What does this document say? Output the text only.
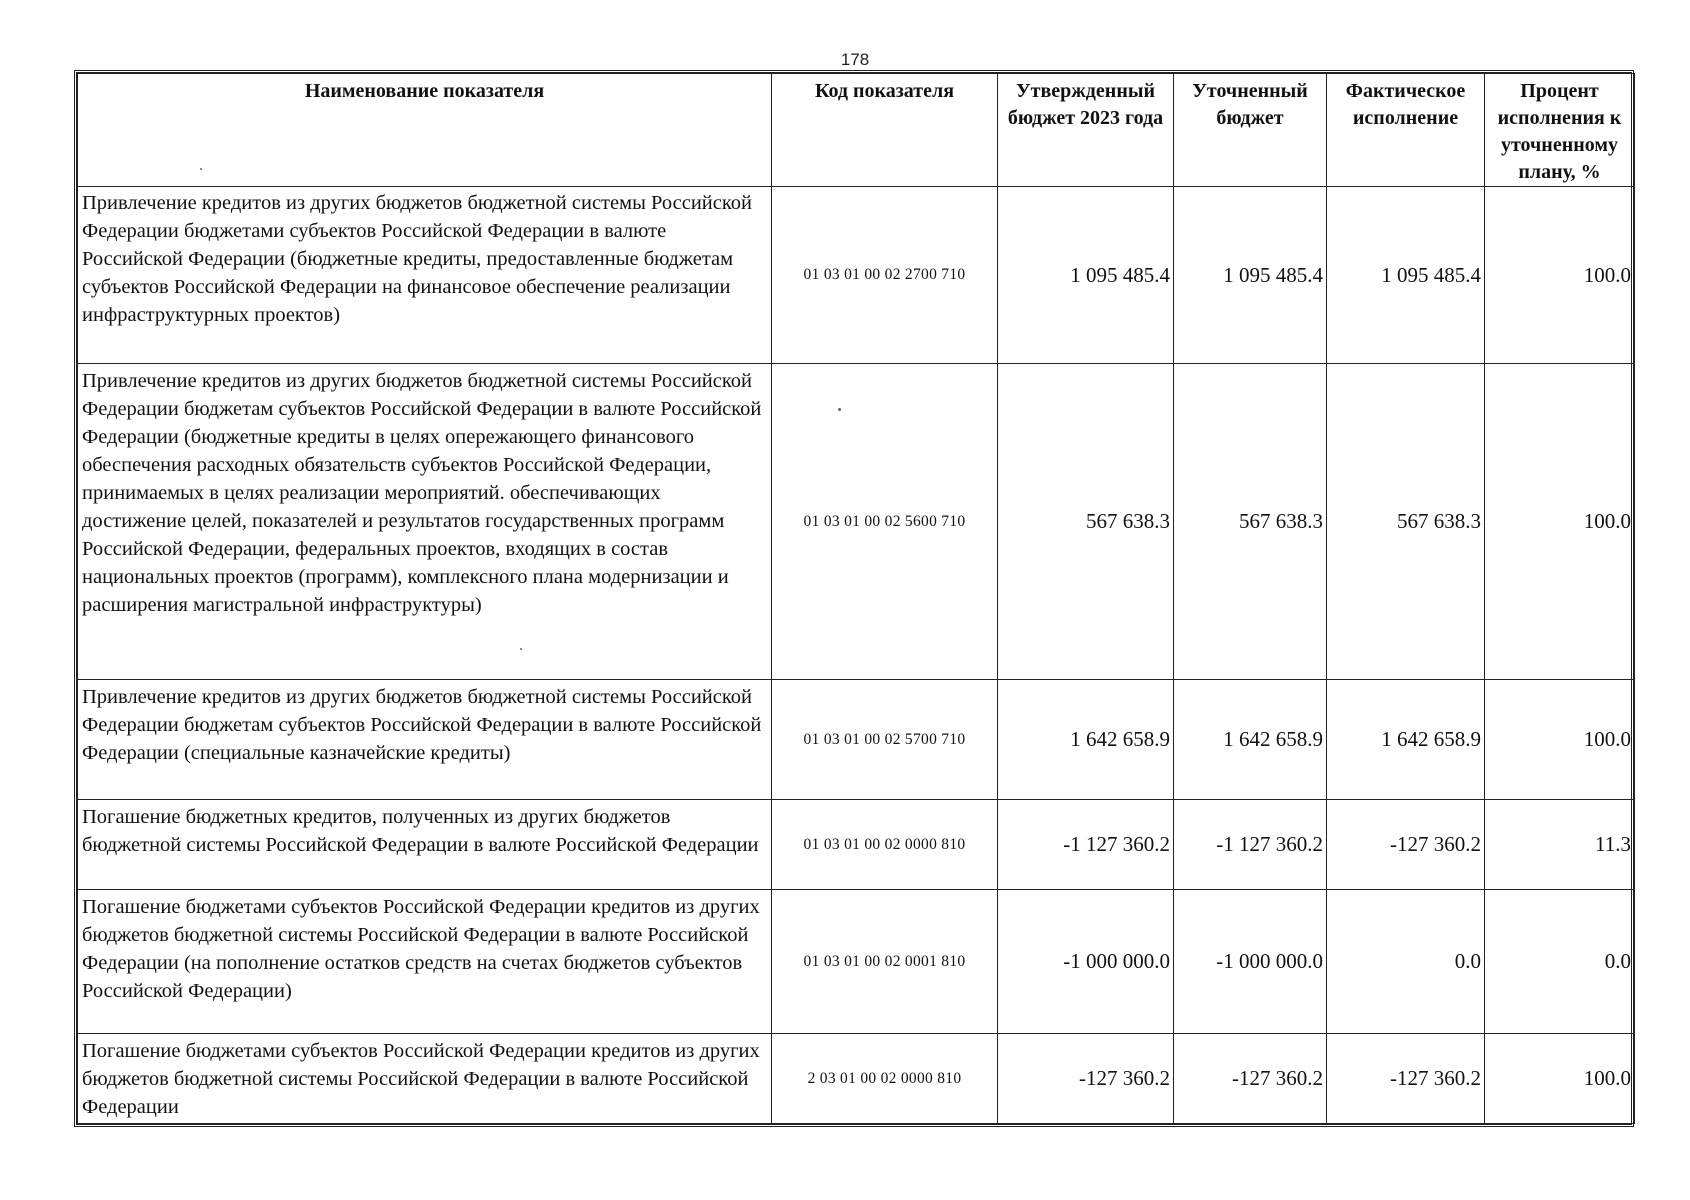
178
Наименование показателя	Код показателя	Утвержденный бюджет 2023 года	Уточненный бюджет	Фактическое исполнение	Процент исполнения к уточненному плану, %
Привлечение кредитов из других бюджетов бюджетной системы Российской Федерации бюджетами субъектов Российской Федерации в валюте Российской Федерации (бюджетные кредиты, предоставленные бюджетам субъектов Российской Федерации на финансовое обеспечение реализации инфраструктурных проектов)	01 03 01 00 02 2700 710	1 095 485.4	1 095 485.4	1 095 485.4	100.0
Привлечение кредитов из других бюджетов бюджетной системы Российской Федерации бюджетам субъектов Российской Федерации в валюте Российской Федерации (бюджетные кредиты в целях опережающего финансового обеспечения расходных обязательств субъектов Российской Федерации, принимаемых в целях реализации мероприятий. обеспечивающих достижение целей, показателей и результатов государственных программ Российской Федерации, федеральных проектов, входящих в состав национальных проектов (программ), комплексного плана модернизации и расширения магистральной инфраструктуры)	01 03 01 00 02 5600 710	567 638.3	567 638.3	567 638.3	100.0
Привлечение кредитов из других бюджетов бюджетной системы Российской Федерации бюджетам субъектов Российской Федерации в валюте Российской Федерации (специальные казначейские кредиты)	01 03 01 00 02 5700 710	1 642 658.9	1 642 658.9	1 642 658.9	100.0
Погашение бюджетных кредитов, полученных из других бюджетов бюджетной системы Российской Федерации в валюте Российской Федерации	01 03 01 00 02 0000 810	-1 127 360.2	-1 127 360.2	-127 360.2	11.3
Погашение бюджетами субъектов Российской Федерации кредитов из других бюджетов бюджетной системы Российской Федерации в валюте Российской Федерации (на пополнение остатков средств на счетах бюджетов субъектов Российской Федерации)	01 03 01 00 02 0001 810	-1 000 000.0	-1 000 000.0	0.0	0.0
Погашение бюджетами субъектов Российской Федерации кредитов из других бюджетов бюджетной системы Российской Федерации в валюте Российской Федерации	2 03 01 00 02 0000 810	-127 360.2	-127 360.2	-127 360.2	100.0
